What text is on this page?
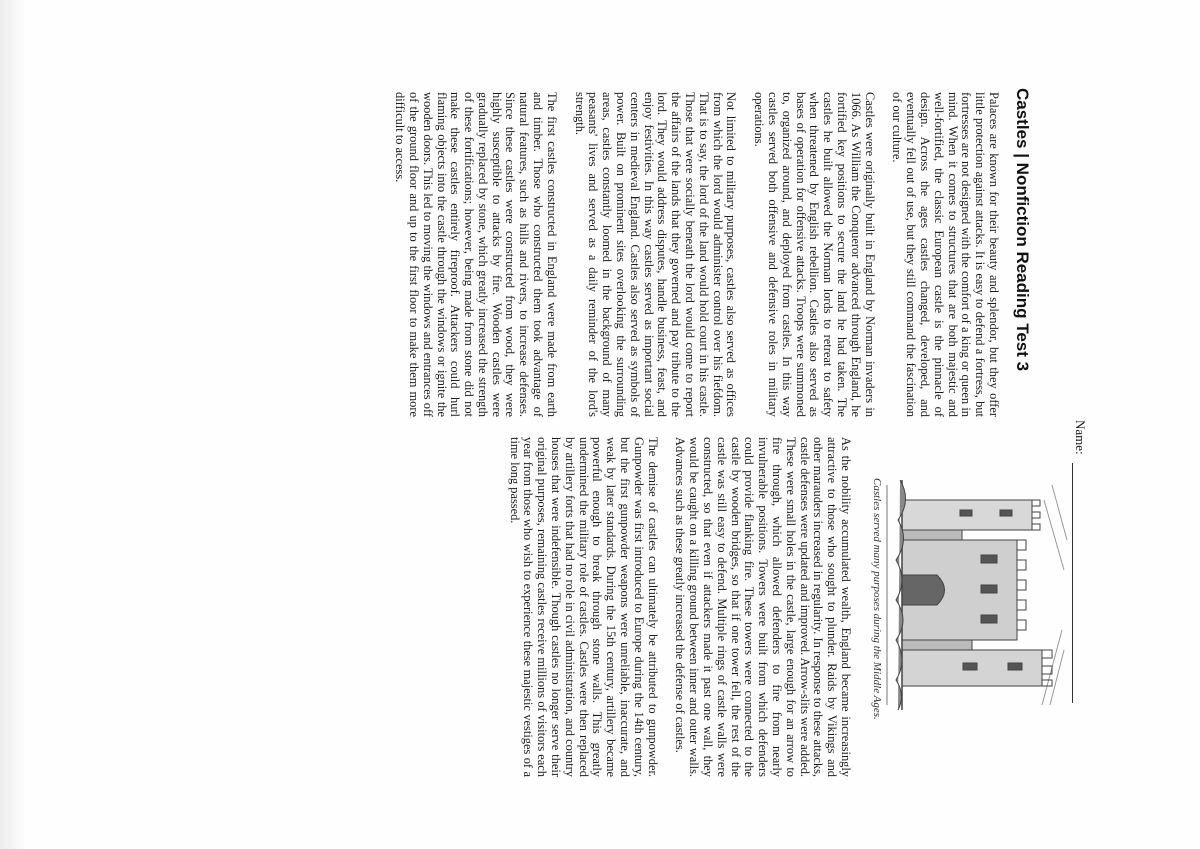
Name:
Castles | Nonfiction Reading Test 3
Castles served many purposes during the Middle Ages.

Palaces are known for their beauty and splendor, but they offer little protection against attacks. It is easy to defend a fortress, but fortresses are not designed with the comfort of a king or queen in mind. When it comes to structures that are both majestic and well-fortified, the classic European castle is the pinnacle of design. Across the ages castles changed, developed, and eventually fell out of use, but they still command the fascination of our culture.

Castles were originally built in England by Norman invaders in 1066. As William the Conqueror advanced through England, he fortified key positions to secure the land he had taken. The castles he built allowed the Norman lords to retreat to safety when threatened by English rebellion. Castles also served as bases of operation for offensive attacks. Troops were summoned to, organized around, and deployed from castles. In this way castles served both offensive and defensive roles in military operations.

Not limited to military purposes, castles also served as offices from which the lord would administer control over his fiefdom. That is to say, the lord of the land would hold court in his castle. Those that were socially beneath the lord would come to report the affairs of the lands that they governed and pay tribute to the lord. They would address disputes, handle business, feast, and enjoy festivities. In this way castles served as important social centers in medieval England. Castles also served as symbols of power. Built on prominent sites overlooking the surrounding areas, castles constantly loomed in the background of many peasants' lives and served as a daily reminder of the lord's strength.

The first castles constructed in England were made from earth and timber. Those who constructed them took advantage of natural features, such as hills and rivers, to increase defenses. Since these castles were constructed from wood, they were highly susceptible to attacks by fire. Wooden castles were gradually replaced by stone, which greatly increased the strength of these fortifications; however, being made from stone did not make these castles entirely fireproof. Attackers could hurl flaming objects into the castle through the windows or ignite the wooden doors. This led to moving the windows and entrances off of the ground floor and up to the first floor to make them more difficult to access.

As the nobility accumulated wealth, England became increasingly attractive to those who sought to plunder. Raids by Vikings and other marauders increased in regularity. In response to these attacks, castle defenses were updated and improved. Arrow-slits were added. These were small holes in the castle, large enough for an arrow to fire through, which allowed defenders to fire from nearly invulnerable positions. Towers were built from which defenders could provide flanking fire. These towers were connected to the castle by wooden bridges, so that if one tower fell, the rest of the castle was still easy to defend. Multiple rings of castle walls were constructed, so that even if attackers made it past one wall, they would be caught on a killing ground between inner and outer walls. Advances such as these greatly increased the defense of castles.

The demise of castles can ultimately be attributed to gunpowder. Gunpowder was first introduced to Europe during the 14th century, but the first gunpowder weapons were unreliable, inaccurate, and weak by later standards. During the 15th century, artillery became powerful enough to break through stone walls. This greatly undermined the military role of castles. Castles were then replaced by artillery forts that had no role in civil administration, and country houses that were indefensible. Though castles no longer serve their original purposes, remaining castles receive millions of visitors each year from those who wish to experience these majestic vestiges of a time long passed.
